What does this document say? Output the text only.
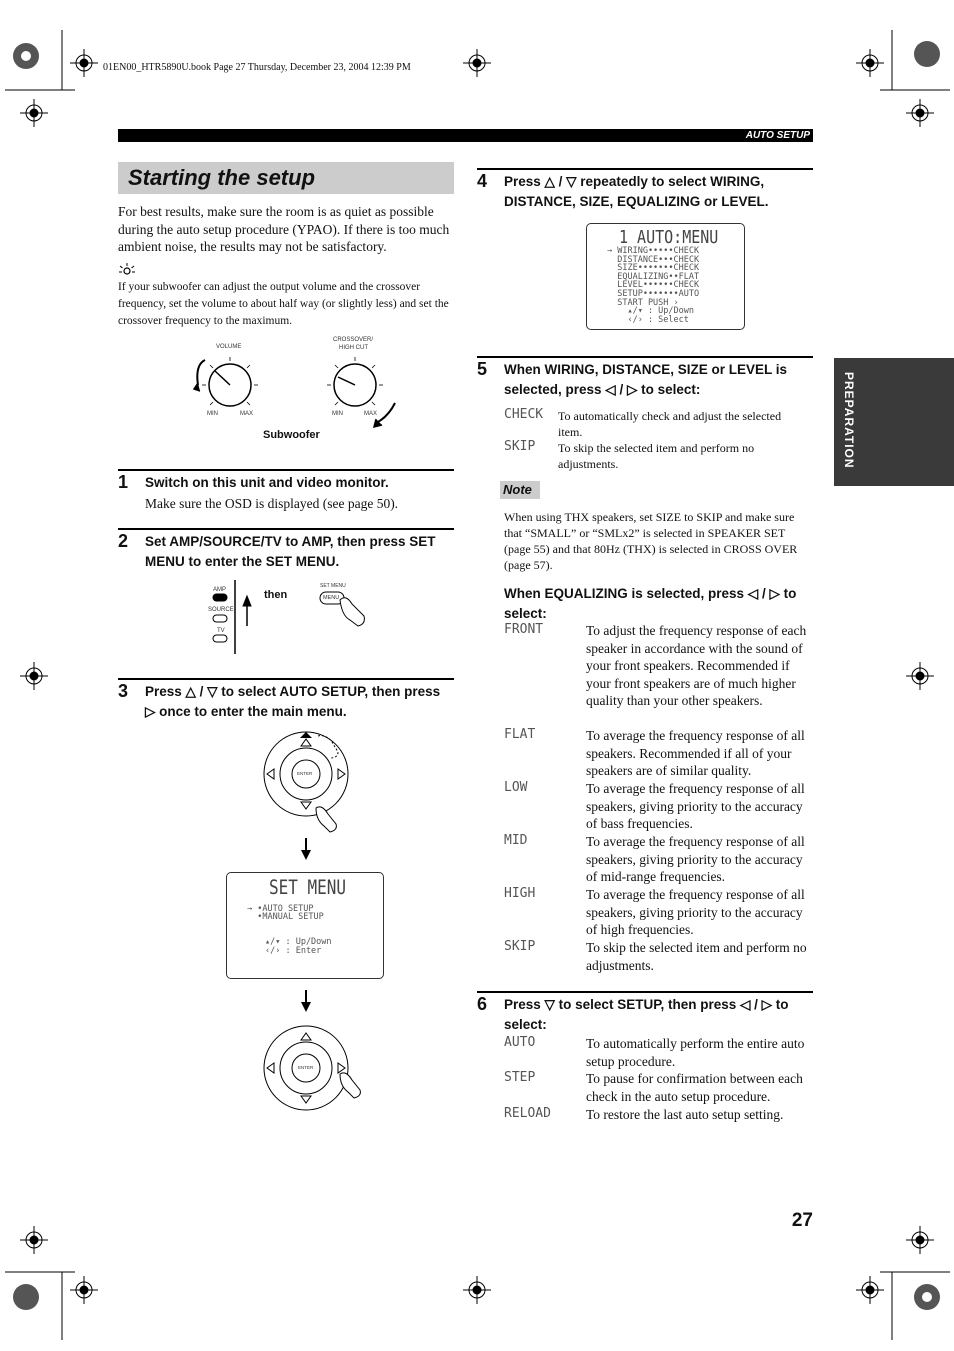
01EN00_HTR5890U.book Page 27 Thursday, December 23, 2004 12:39 PM
AUTO SETUP
PREPARATION
Starting the setup
For best results, make sure the room is as quiet as possible during the auto setup procedure (YPAO). If there is too much ambient noise, the results may not be satisfactory.
If your subwoofer can adjust the output volume and the crossover frequency, set the volume to about half way (or slightly less) and set the crossover frequency to the maximum.
VOLUME
CROSSOVER/
HIGH CUT
MIN	MAX	MIN	MAX
Subwoofer
1 Switch on this unit and video monitor.
Make sure the OSD is displayed (see page 50).
2 Set AMP/SOURCE/TV to AMP, then press SET MENU to enter the SET MENU.
AMP
SOURCE
TV
then
SET MENU
MENU
3 Press △ / ▽ to select AUTO SETUP, then press ▷ once to enter the main menu.
ENTER
SET MENU
→ •AUTO SETUP
•MANUAL SETUP
▴/▾ : Up/Down
‹/› : Enter
ENTER
4 Press △ / ▽ repeatedly to select WIRING, DISTANCE, SIZE, EQUALIZING or LEVEL.
1 AUTO:MENU
→ WIRING•••••CHECK
DISTANCE•••CHECK
SIZE•••••••CHECK
EQUALIZING••FLAT
LEVEL••••••CHECK
SETUP•••••••AUTO
START PUSH ›
▴/▾ : Up/Down
‹/› : Select
5 When WIRING, DISTANCE, SIZE or LEVEL is selected, press ◁ / ▷ to select:
CHECK To automatically check and adjust the selected item.
SKIP To skip the selected item and perform no adjustments.
Note
When using THX speakers, set SIZE to SKIP and make sure that “SMALL” or “SMLx2” is selected in SPEAKER SET (page 55) and that 80Hz (THX) is selected in CROSS OVER (page 57).
When EQUALIZING is selected, press ◁ / ▷ to select:
FRONT	To adjust the frequency response of each speaker in accordance with the sound of your front speakers. Recommended if your front speakers are of much higher quality than your other speakers.
FLAT	To average the frequency response of all speakers. Recommended if all of your speakers are of similar quality.
LOW	To average the frequency response of all speakers, giving priority to the accuracy of bass frequencies.
MID	To average the frequency response of all speakers, giving priority to the accuracy of mid-range frequencies.
HIGH	To average the frequency response of all speakers, giving priority to the accuracy of high frequencies.
SKIP	To skip the selected item and perform no adjustments.
6 Press ▽ to select SETUP, then press ◁ / ▷ to select:
AUTO	To automatically perform the entire auto setup procedure.
STEP	To pause for confirmation between each check in the auto setup procedure.
RELOAD	To restore the last auto setup setting.
27
